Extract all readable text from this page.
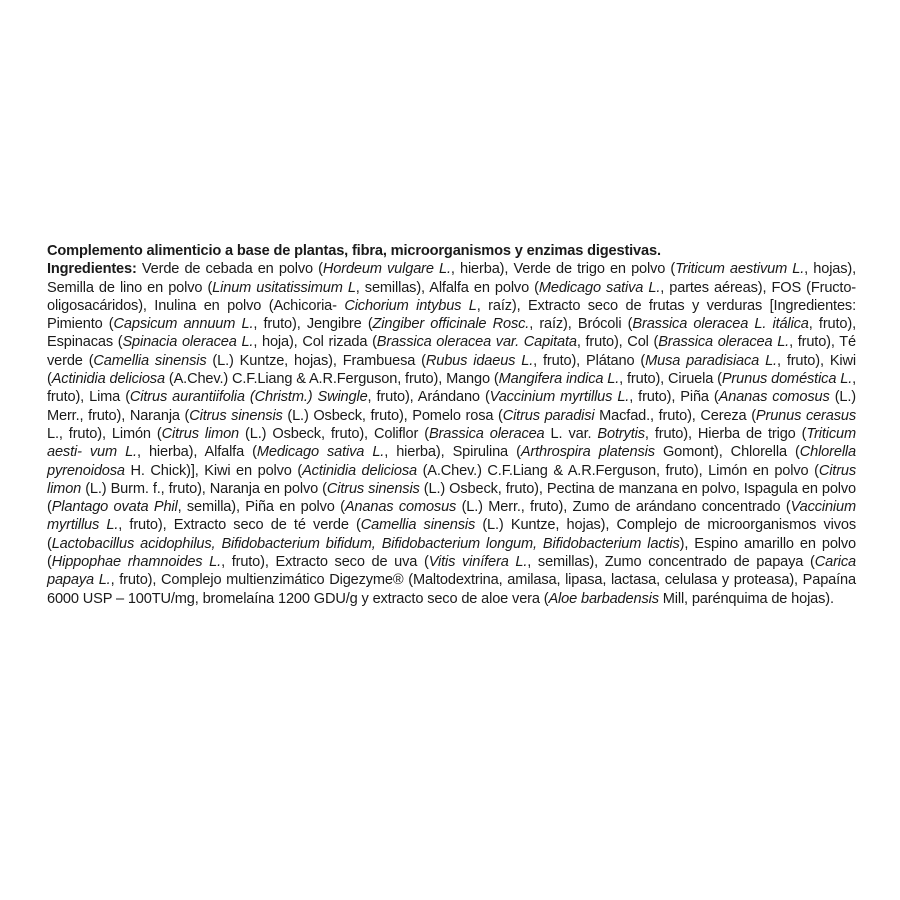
Complemento alimenticio a base de plantas, fibra, microorganismos y enzimas digestivas.

Ingredientes: Verde de cebada en polvo (Hordeum vulgare L., hierba), Verde de trigo en polvo (Triticum aestivum L., hojas), Semilla de lino en polvo (Linum usitatissimum L, semillas), Alfalfa en polvo (Medicago sativa L., partes aéreas), FOS (Fructo-oligosacáridos), Inulina en polvo (Achicoria- Cichorium intybus L, raíz), Extracto seco de frutas y verduras [Ingredientes: Pimiento (Capsicum annuum L., fruto), Jengibre (Zingiber officinale Rosc., raíz), Brócoli (Brassica oleracea L. itálica, fruto), Espinacas (Spinacia oleracea L., hoja), Col rizada (Brassica oleracea var. Capitata, fruto), Col (Brassica oleracea L., fruto), Té verde (Camellia sinensis (L.) Kuntze, hojas), Frambuesa (Rubus idaeus L., fruto), Plátano (Musa paradisiaca L., fruto), Kiwi (Actinidia deliciosa (A.Chev.) C.F.Liang & A.R.Ferguson, fruto), Mango (Mangifera indica L., fruto), Ciruela (Prunus doméstica L., fruto), Lima (Citrus aurantiifolia (Christm.) Swingle, fruto), Arándano (Vaccinium myrtillus L., fruto), Piña (Ananas comosus (L.) Merr., fruto), Naranja (Citrus sinensis (L.) Osbeck, fruto), Pomelo rosa (Citrus paradisi Macfad., fruto), Cereza (Prunus cerasus L., fruto), Limón (Citrus limon (L.) Osbeck, fruto), Coliflor (Brassica oleracea L. var. Botrytis, fruto), Hierba de trigo (Triticum aesti- vum L., hierba), Alfalfa (Medicago sativa L., hierba), Spirulina (Arthrospira platensis Gomont), Chlorella (Chlorella pyrenoidosa H. Chick)], Kiwi en polvo (Actinidia deliciosa (A.Chev.) C.F.Liang & A.R.Ferguson, fruto), Limón en polvo (Citrus limon (L.) Burm. f., fruto), Naranja en polvo (Citrus sinensis (L.) Osbeck, fruto), Pectina de manzana en polvo, Ispagula en polvo (Plantago ovata Phil, semilla), Piña en polvo (Ananas comosus (L.) Merr., fruto), Zumo de arándano concentrado (Vaccinium myrtillus L., fruto), Extracto seco de té verde (Camellia sinensis (L.) Kuntze, hojas), Complejo de microorganismos vivos (Lactobacillus acidophilus, Bifidobacterium bifidum, Bifidobacterium longum, Bifidobacterium lactis), Espino amarillo en polvo (Hippophae rhamnoides L., fruto), Extracto seco de uva (Vitis vinífera L., semillas), Zumo concentrado de papaya (Carica papaya L., fruto), Complejo multienzimático Digezyme® (Maltodextrina, amilasa, lipasa, lactasa, celulasa y proteasa), Papaína 6000 USP – 100TU/mg, bromelaína 1200 GDU/g y extracto seco de aloe vera (Aloe barbadensis Mill, parénquima de hojas).
